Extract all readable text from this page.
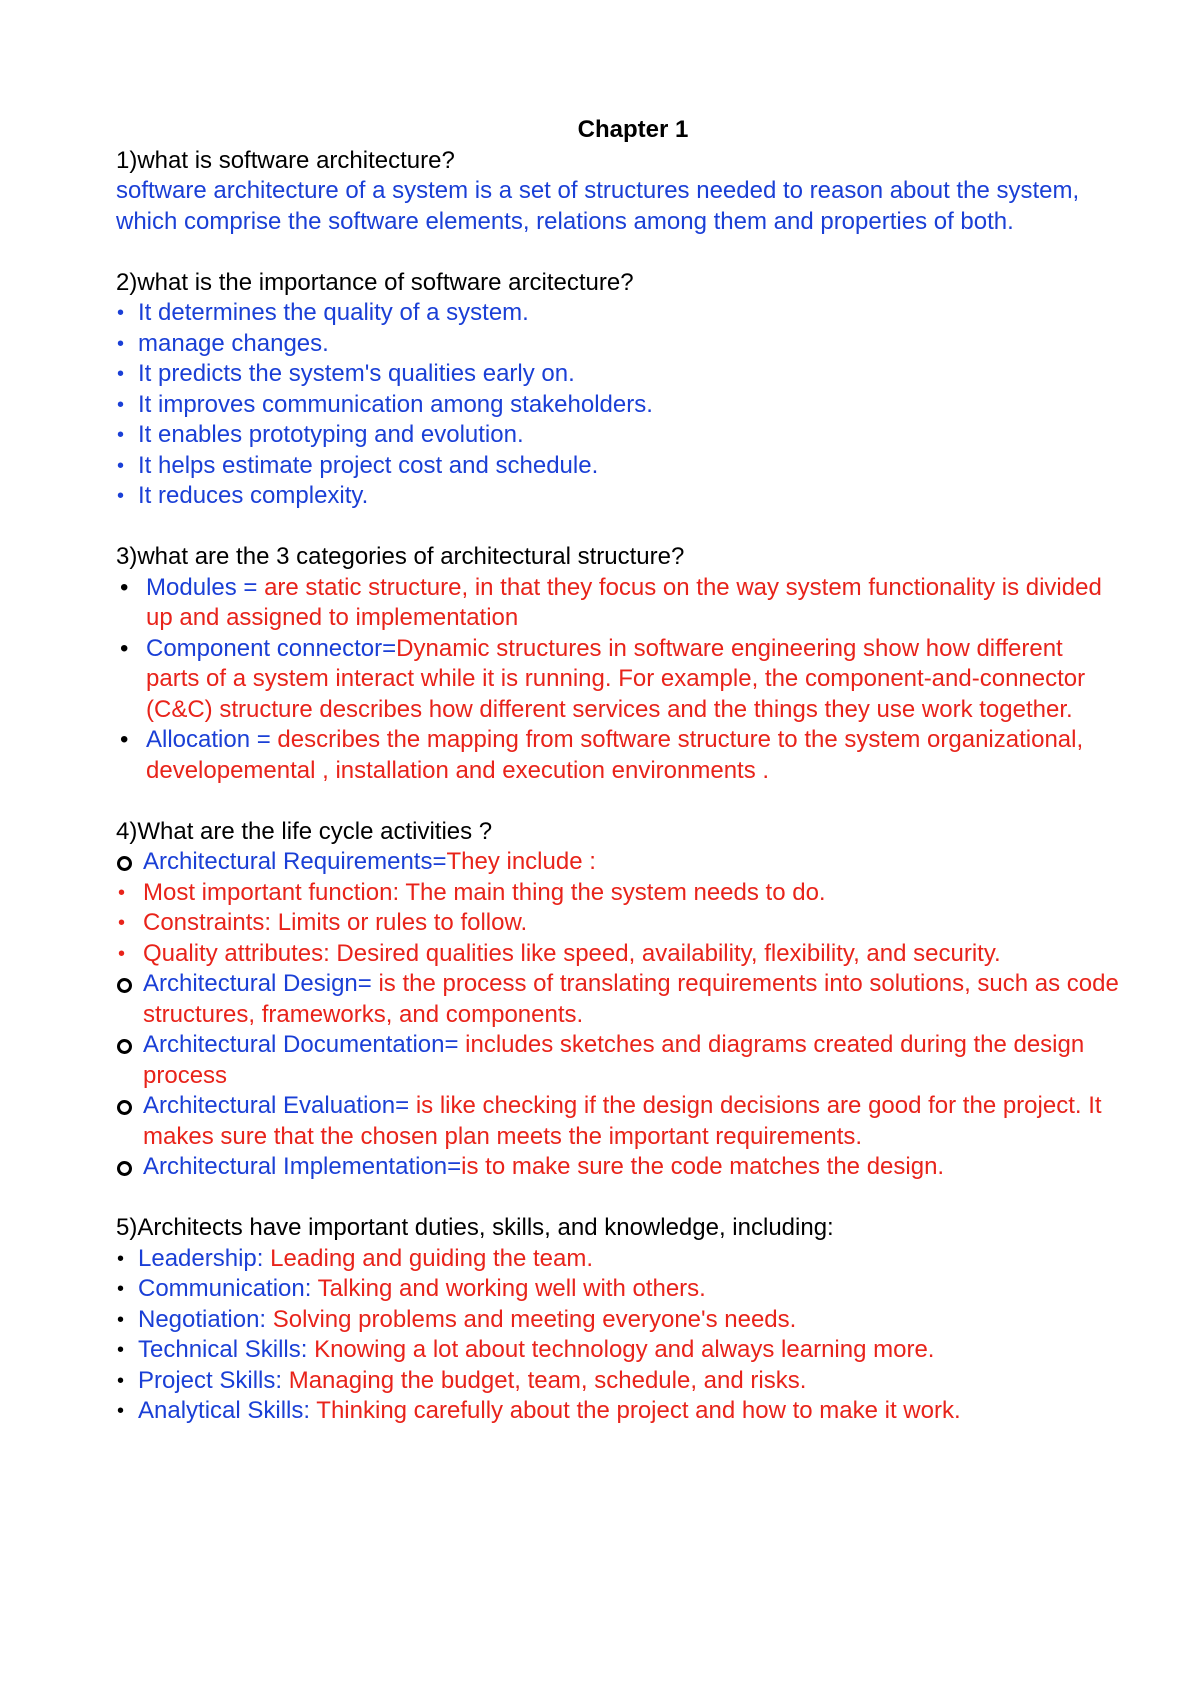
Chapter 1
1)what is software architecture?
software architecture of a system is a set of structures needed to reason about the system, which comprise the software elements, relations among them and properties of both.
2)what is the importance of software arcitecture?
• It determines the quality of a system.
• manage changes.
• It predicts the system's qualities early on.
• It improves communication among stakeholders.
• It enables prototyping and evolution.
• It helps estimate project cost and schedule.
• It reduces complexity.
3)what are the 3 categories of architectural structure?
• Modules = are static structure, in that they focus on the way system functionality is divided up and assigned to implementation
• Component connector=Dynamic structures in software engineering show how different parts of a system interact while it is running. For example, the component-and-connector (C&C) structure describes how different services and the things they use work together.
• Allocation = describes the mapping from software structure to the system organizational, developemental , installation and execution environments .
4)What are the life cycle activities ?
Architectural Requirements=They include :
• Most important function: The main thing the system needs to do.
• Constraints: Limits or rules to follow.
• Quality attributes: Desired qualities like speed, availability, flexibility, and security.
Architectural Design= is the process of translating requirements into solutions, such as code structures, frameworks, and components.
Architectural Documentation= includes sketches and diagrams created during the design process
Architectural Evaluation= is like checking if the design decisions are good for the project. It makes sure that the chosen plan meets the important requirements.
Architectural Implementation=is to make sure the code matches the design.
5)Architects have important duties, skills, and knowledge, including:
• Leadership: Leading and guiding the team.
• Communication: Talking and working well with others.
• Negotiation: Solving problems and meeting everyone's needs.
• Technical Skills: Knowing a lot about technology and always learning more.
• Project Skills: Managing the budget, team, schedule, and risks.
• Analytical Skills: Thinking carefully about the project and how to make it work.
